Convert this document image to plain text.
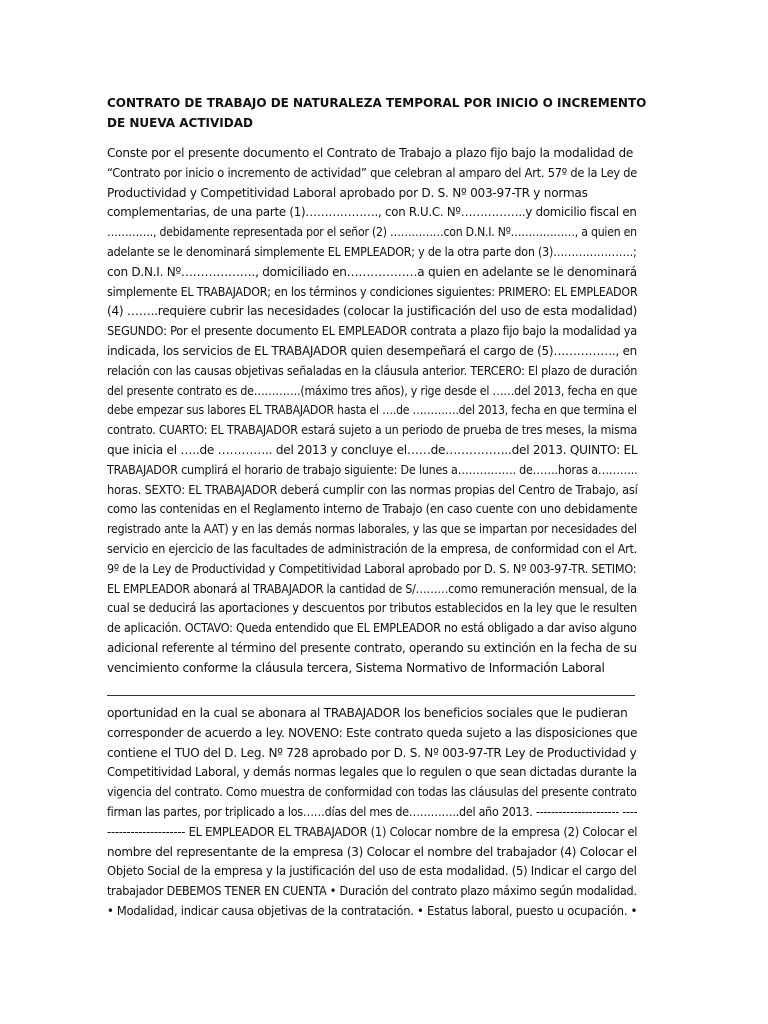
CONTRATO DE TRABAJO DE NATURALEZA TEMPORAL POR INICIO O INCREMENTO DE NUEVA ACTIVIDAD
Conste por el presente documento el Contrato de Trabajo a plazo fijo bajo la modalidad de
“Contrato por inicio o incremento de actividad” que celebran al amparo del Art. 57º de la Ley de
Productividad y Competitividad Laboral aprobado por D. S. Nº 003-97-TR y normas
complementarias, de una parte (1)………………., con R.U.C. Nº……………..y domicilio fiscal en
…………., debidamente representada por el señor (2) ……………con D.N.I. Nº………………, a quien en
adelante se le denominará simplemente EL EMPLEADOR; y de la otra parte don (3)………………….;
con D.N.I. Nº………………., domiciliado en………………a quien en adelante se le denominará
simplemente EL TRABAJADOR; en los términos y condiciones siguientes: PRIMERO: EL EMPLEADOR
(4) ……..requiere cubrir las necesidades (colocar la justificación del uso de esta modalidad)
SEGUNDO: Por el presente documento EL EMPLEADOR contrata a plazo fijo bajo la modalidad ya
indicada, los servicios de EL TRABAJADOR quien desempeñará el cargo de (5)……………., en
relación con las causas objetivas señaladas en la cláusula anterior. TERCERO: El plazo de duración
del presente contrato es de………….(máximo tres años), y rige desde el ……del 2013, fecha en que
debe empezar sus labores EL TRABAJADOR hasta el ….de ………….del 2013, fecha en que termina el
contrato. CUARTO: EL TRABAJADOR estará sujeto a un periodo de prueba de tres meses, la misma
que inicia el …..de ………….. del 2013 y concluye el……de……………..del 2013. QUINTO: EL
TRABAJADOR cumplirá el horario de trabajo siguiente: De lunes a……………. de…….horas a………..
horas. SEXTO: EL TRABAJADOR deberá cumplir con las normas propias del Centro de Trabajo, así
como las contenidas en el Reglamento interno de Trabajo (en caso cuente con uno debidamente
registrado ante la AAT) y en las demás normas laborales, y las que se impartan por necesidades del
servicio en ejercicio de las facultades de administración de la empresa, de conformidad con el Art.
9º de la Ley de Productividad y Competitividad Laboral aprobado por D. S. Nº 003-97-TR. SETIMO:
EL EMPLEADOR abonará al TRABAJADOR la cantidad de S/………como remuneración mensual, de la
cual se deducirá las aportaciones y descuentos por tributos establecidos en la ley que le resulten
de aplicación. OCTAVO: Queda entendido que EL EMPLEADOR no está obligado a dar aviso alguno
adicional referente al término del presente contrato, operando su extinción en la fecha de su
vencimiento conforme la cláusula tercera, Sistema Normativo de Información Laboral
oportunidad en la cual se abonara al TRABAJADOR los beneficios sociales que le pudieran
corresponder de acuerdo a ley. NOVENO: Este contrato queda sujeto a las disposiciones que
contiene el TUO del D. Leg. Nº 728 aprobado por D. S. Nº 003-97-TR Ley de Productividad y
Competitividad Laboral, y demás normas legales que lo regulen o que sean dictadas durante la
vigencia del contrato. Como muestra de conformidad con todas las cláusulas del presente contrato
firman las partes, por triplicado a los……días del mes de…………..del año 2013. ---------------------- ----
-------------------- EL EMPLEADOR EL TRABAJADOR (1) Colocar nombre de la empresa (2) Colocar el
nombre del representante de la empresa (3) Colocar el nombre del trabajador (4) Colocar el
Objeto Social de la empresa y la justificación del uso de esta modalidad. (5) Indicar el cargo del
trabajador DEBEMOS TENER EN CUENTA • Duración del contrato plazo máximo según modalidad.
• Modalidad, indicar causa objetivas de la contratación. • Estatus laboral, puesto u ocupación. •
